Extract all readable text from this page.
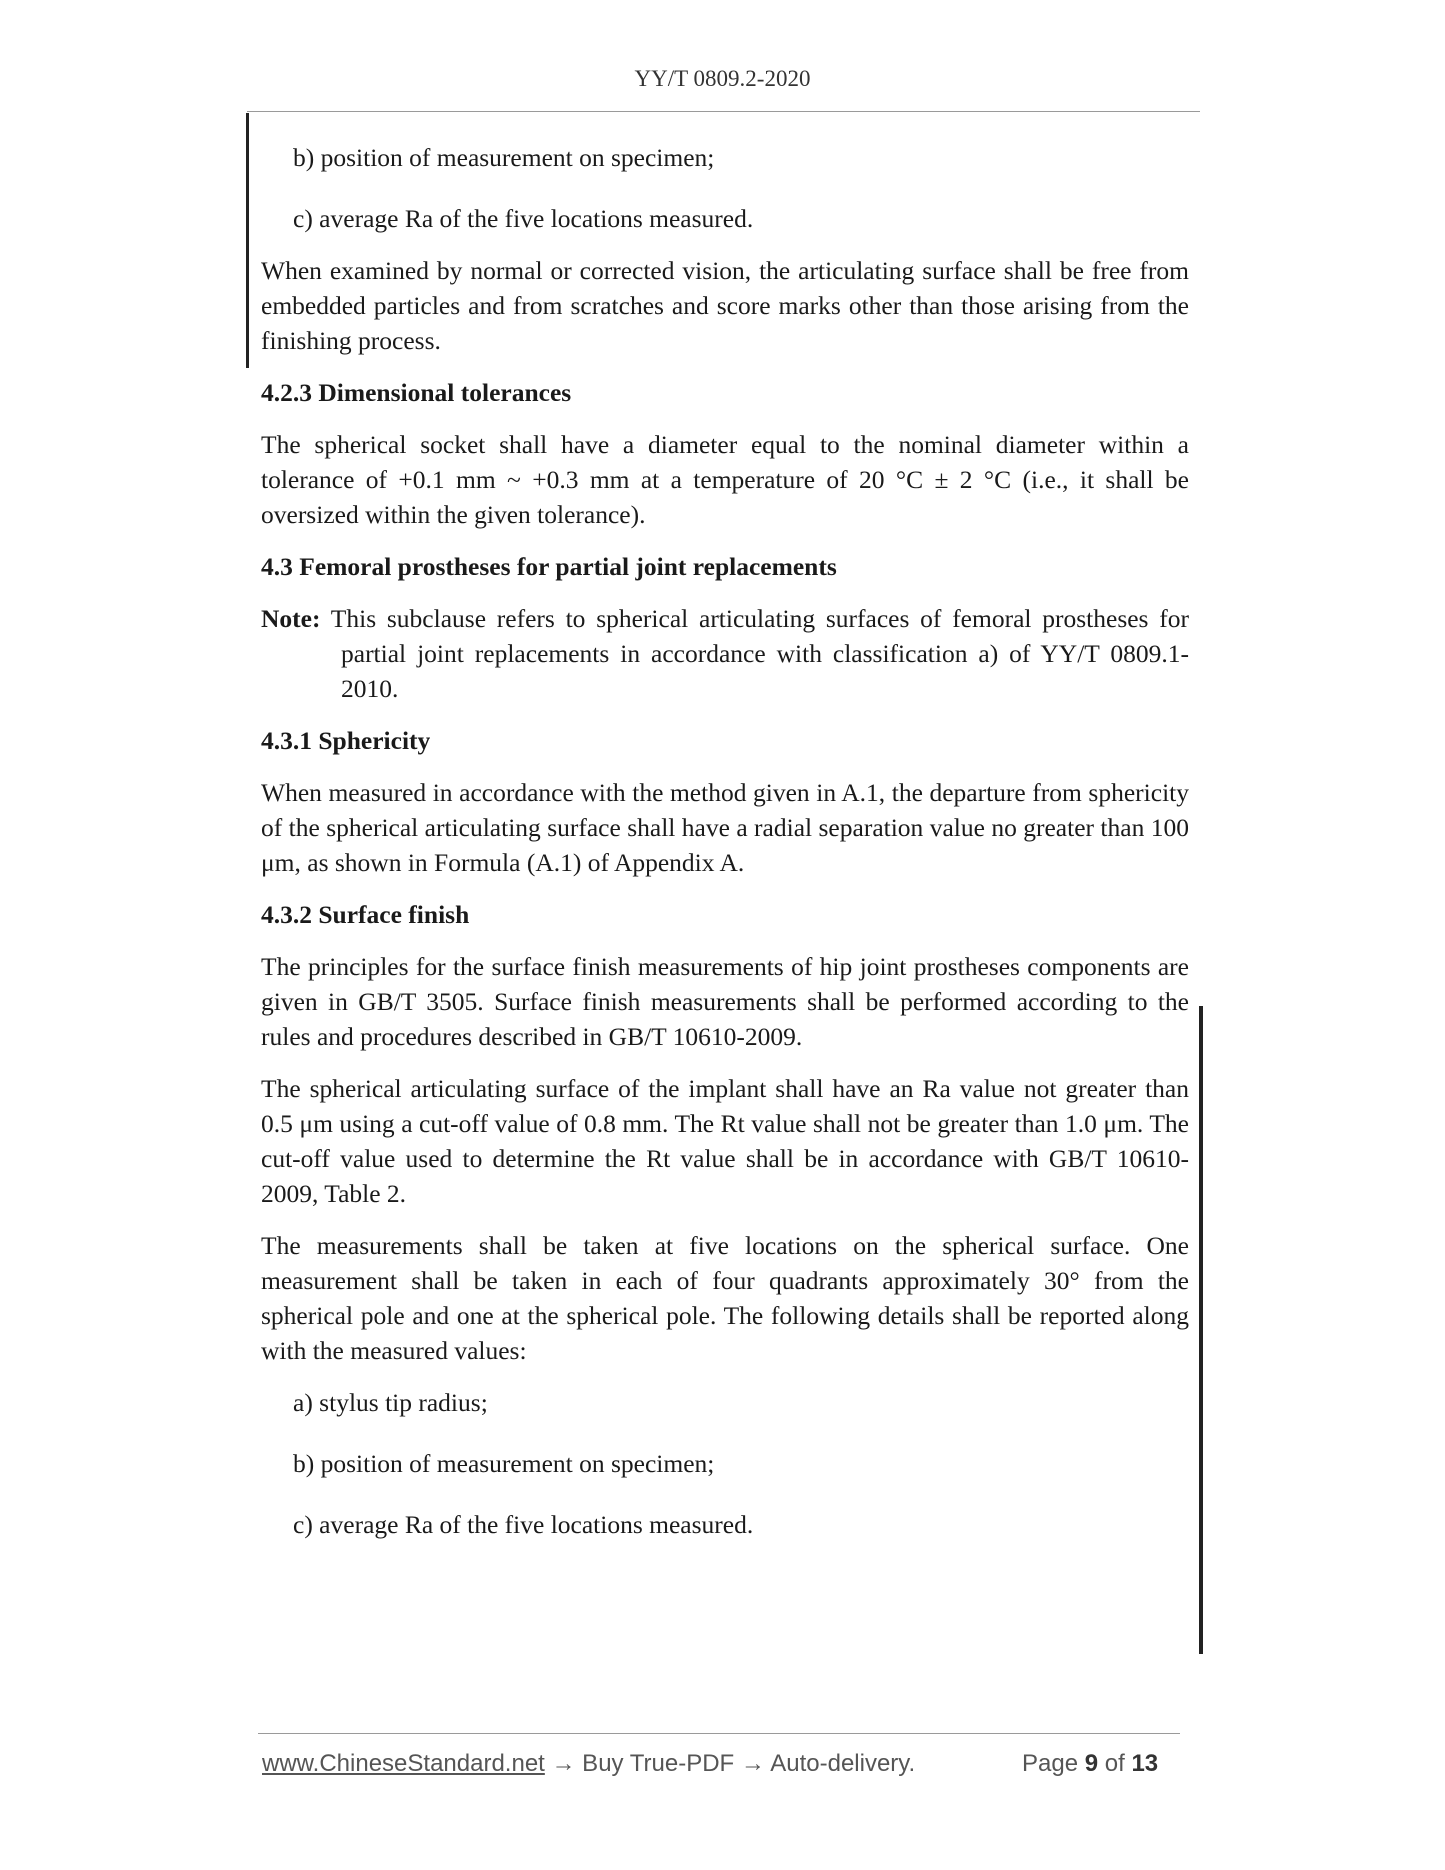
YY/T 0809.2-2020

b) position of measurement on specimen;

c) average Ra of the five locations measured.

When examined by normal or corrected vision, the articulating surface shall be free from embedded particles and from scratches and score marks other than those arising from the finishing process.

4.2.3 Dimensional tolerances

The spherical socket shall have a diameter equal to the nominal diameter within a tolerance of +0.1 mm ~ +0.3 mm at a temperature of 20 °C ± 2 °C (i.e., it shall be oversized within the given tolerance).

4.3 Femoral prostheses for partial joint replacements

Note: This subclause refers to spherical articulating surfaces of femoral prostheses for partial joint replacements in accordance with classification a) of YY/T 0809.1-2010.

4.3.1 Sphericity

When measured in accordance with the method given in A.1, the departure from sphericity of the spherical articulating surface shall have a radial separation value no greater than 100 μm, as shown in Formula (A.1) of Appendix A.

4.3.2 Surface finish

The principles for the surface finish measurements of hip joint prostheses components are given in GB/T 3505. Surface finish measurements shall be performed according to the rules and procedures described in GB/T 10610-2009.

The spherical articulating surface of the implant shall have an Ra value not greater than 0.5 μm using a cut-off value of 0.8 mm. The Rt value shall not be greater than 1.0 μm. The cut-off value used to determine the Rt value shall be in accordance with GB/T 10610-2009, Table 2.

The measurements shall be taken at five locations on the spherical surface. One measurement shall be taken in each of four quadrants approximately 30° from the spherical pole and one at the spherical pole. The following details shall be reported along with the measured values:

a) stylus tip radius;

b) position of measurement on specimen;

c) average Ra of the five locations measured.

www.ChineseStandard.net → Buy True-PDF → Auto-delivery.	Page 9 of 13
